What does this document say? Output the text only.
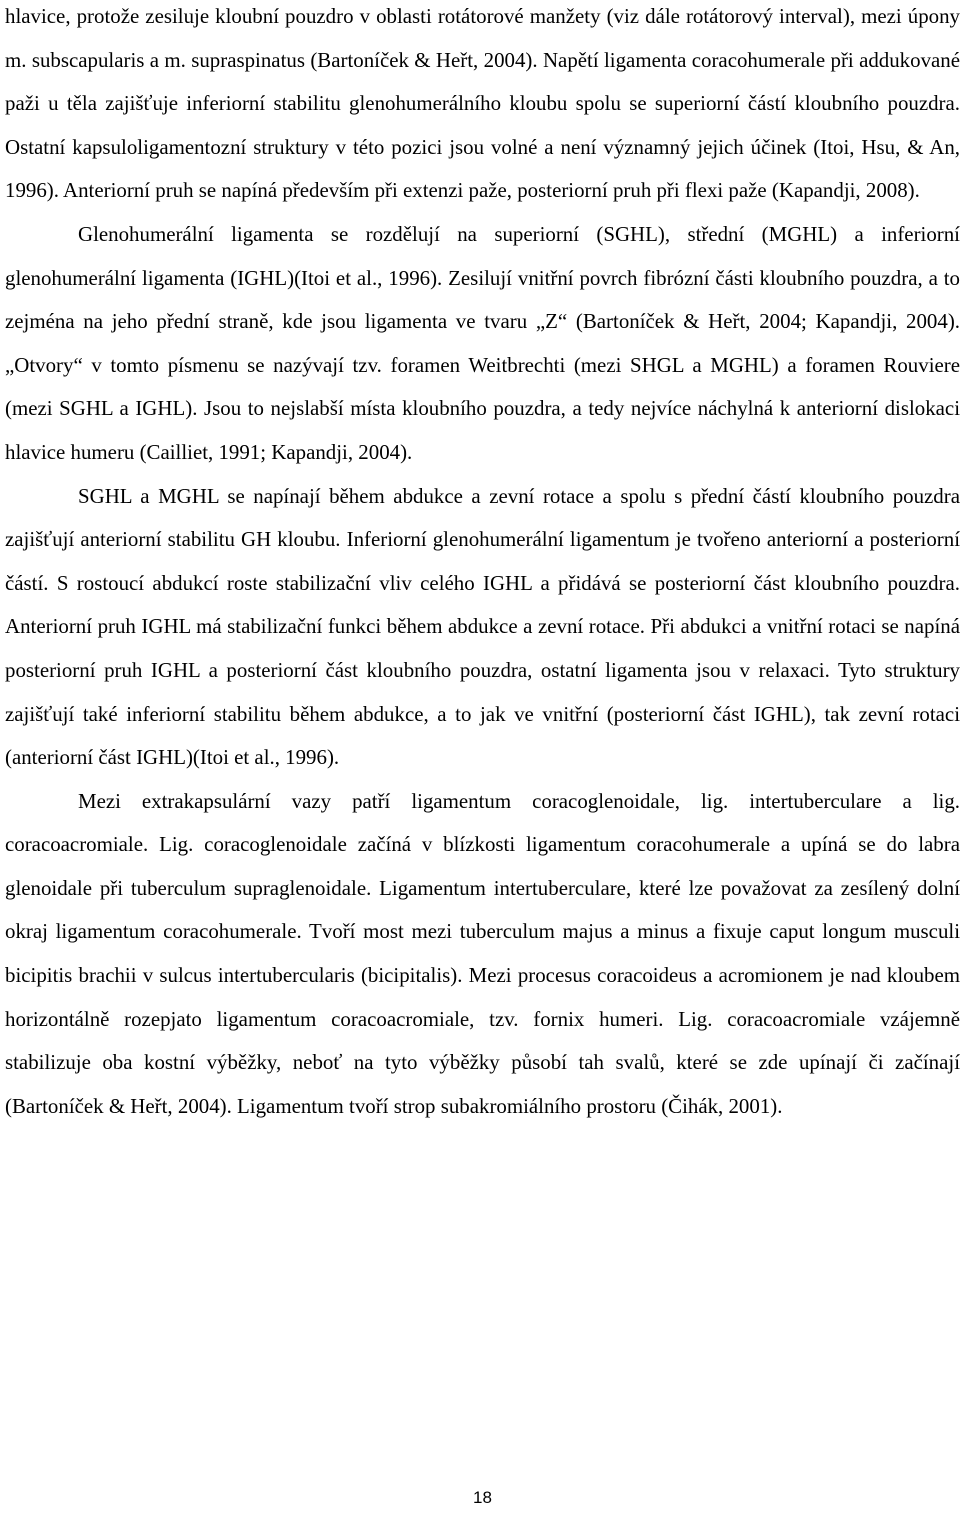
hlavice, protože zesiluje kloubní pouzdro v oblasti rotátorové manžety (viz dále rotátorový interval), mezi úpony m. subscapularis a m. supraspinatus (Bartoníček & Heřt, 2004). Napětí ligamenta coracohumerale při addukované paži u těla zajišťuje inferiorní stabilitu glenohumerálního kloubu spolu se superiorní částí kloubního pouzdra. Ostatní kapsuloligamentozní struktury v této pozici jsou volné a není významný jejich účinek (Itoi, Hsu, & An, 1996). Anteriorní pruh se napíná především při extenzi paže, posteriorní pruh při flexi paže (Kapandji, 2008).

Glenohumerální ligamenta se rozdělují na superiorní (SGHL), střední (MGHL) a inferiorní glenohumerální ligamenta (IGHL)(Itoi et al., 1996). Zesilují vnitřní povrch fibrózní části kloubního pouzdra, a to zejména na jeho přední straně, kde jsou ligamenta ve tvaru „Z“ (Bartoníček & Heřt, 2004; Kapandji, 2004). „Otvory“ v tomto písmenu se nazývají tzv. foramen Weitbrechti (mezi SHGL a MGHL) a foramen Rouviere (mezi SGHL a IGHL). Jsou to nejslabší místa kloubního pouzdra, a tedy nejvíce náchylná k anteriorní dislokaci hlavice humeru (Cailliet, 1991; Kapandji, 2004).

SGHL a MGHL se napínají během abdukce a zevní rotace a spolu s přední částí kloubního pouzdra zajišťují anteriorní stabilitu GH kloubu. Inferiorní glenohumerální ligamentum je tvořeno anteriorní a posteriorní částí. S rostoucí abdukcí roste stabilizační vliv celého IGHL a přidává se posteriorní část kloubního pouzdra. Anteriorní pruh IGHL má stabilizační funkci během abdukce a zevní rotace. Při abdukci a vnitřní rotaci se napíná posteriorní pruh IGHL a posteriorní část kloubního pouzdra, ostatní ligamenta jsou v relaxaci. Tyto struktury zajišťují také inferiorní stabilitu během abdukce, a to jak ve vnitřní (posteriorní část IGHL), tak zevní rotaci (anteriorní část IGHL)(Itoi et al., 1996).

Mezi extrakapsulární vazy patří ligamentum coracoglenoidale, lig. intertuberculare a lig. coracoacromiale. Lig. coracoglenoidale začíná v blízkosti ligamentum coracohumerale a upíná se do labra glenoidale při tuberculum supraglenoidale. Ligamentum intertuberculare, které lze považovat za zesílený dolní okraj ligamentum coracohumerale. Tvoří most mezi tuberculum majus a minus a fixuje caput longum musculi bicipitis brachii v sulcus intertubercularis (bicipitalis). Mezi procesus coracoideus a acromionem je nad kloubem horizontálně rozepjato ligamentum coracoacromiale, tzv. fornix humeri. Lig. coracoacromiale vzájemně stabilizuje oba kostní výběžky, neboť na tyto výběžky působí tah svalů, které se zde upínají či začínají (Bartoníček & Heřt, 2004). Ligamentum tvoří strop subakromiálního prostoru (Čihák, 2001).

18
